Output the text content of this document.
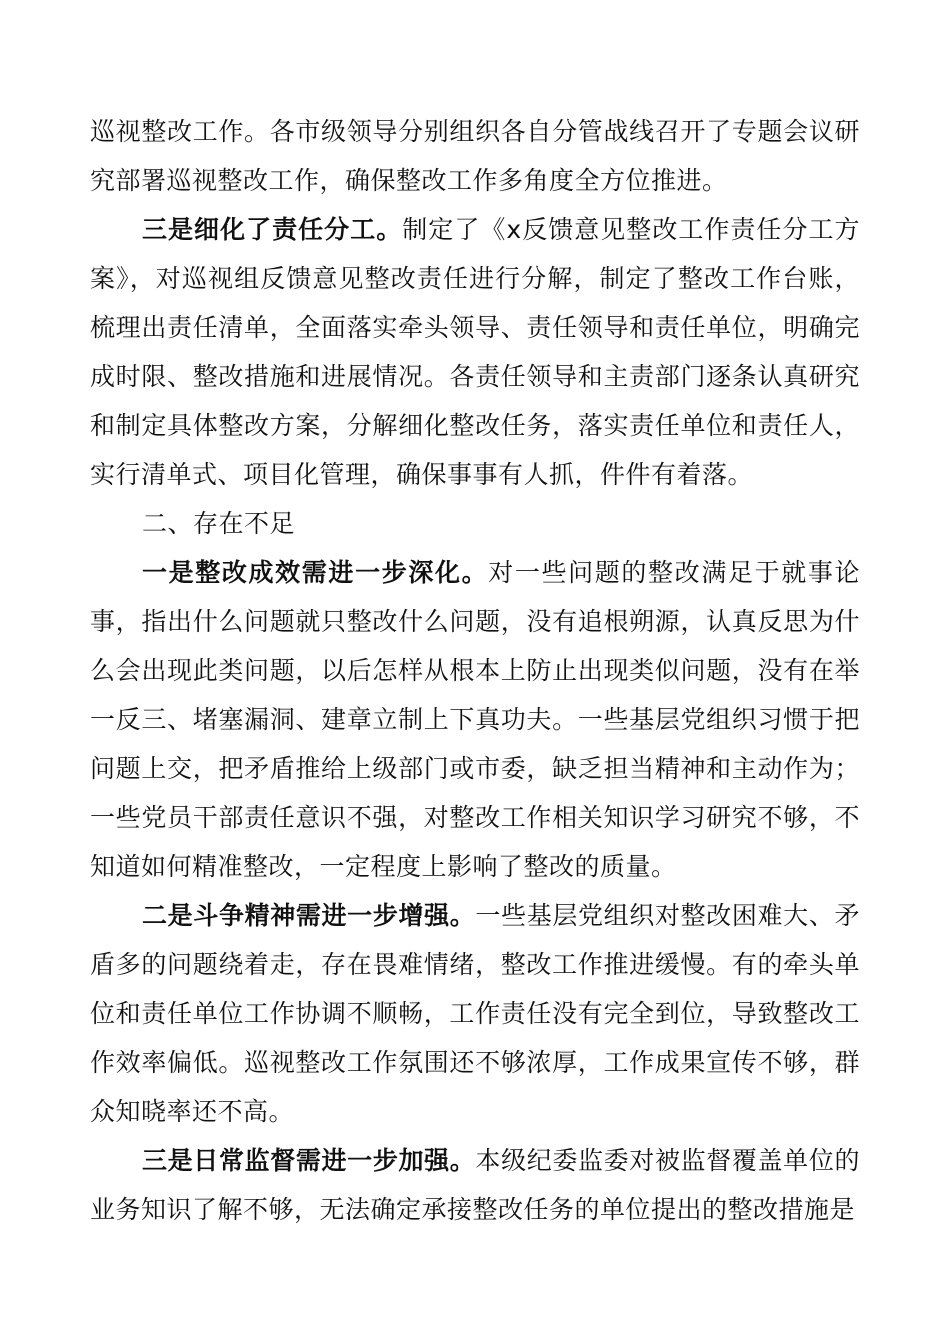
巡视整改工作。各市级领导分别组织各自分管战线召开了专题会议研究部署巡视整改工作，确保整改工作多角度全方位推进。

三是细化了责任分工。制定了《x反馈意见整改工作责任分工方案》，对巡视组反馈意见整改责任进行分解，制定了整改工作台账，梳理出责任清单，全面落实牵头领导、责任领导和责任单位，明确完成时限、整改措施和进展情况。各责任领导和主责部门逐条认真研究和制定具体整改方案，分解细化整改任务，落实责任单位和责任人，实行清单式、项目化管理，确保事事有人抓，件件有着落。

二、存在不足

一是整改成效需进一步深化。对一些问题的整改满足于就事论事，指出什么问题就只整改什么问题，没有追根朔源，认真反思为什么会出现此类问题，以后怎样从根本上防止出现类似问题，没有在举一反三、堵塞漏洞、建章立制上下真功夫。一些基层党组织习惯于把问题上交，把矛盾推给上级部门或市委，缺乏担当精神和主动作为；一些党员干部责任意识不强，对整改工作相关知识学习研究不够，不知道如何精准整改，一定程度上影响了整改的质量。

二是斗争精神需进一步增强。一些基层党组织对整改困难大、矛盾多的问题绕着走，存在畏难情绪，整改工作推进缓慢。有的牵头单位和责任单位工作协调不顺畅，工作责任没有完全到位，导致整改工作效率偏低。巡视整改工作氛围还不够浓厚，工作成果宣传不够，群众知晓率还不高。

三是日常监督需进一步加强。本级纪委监委对被监督覆盖单位的业务知识了解不够，无法确定承接整改任务的单位提出的整改措施是
